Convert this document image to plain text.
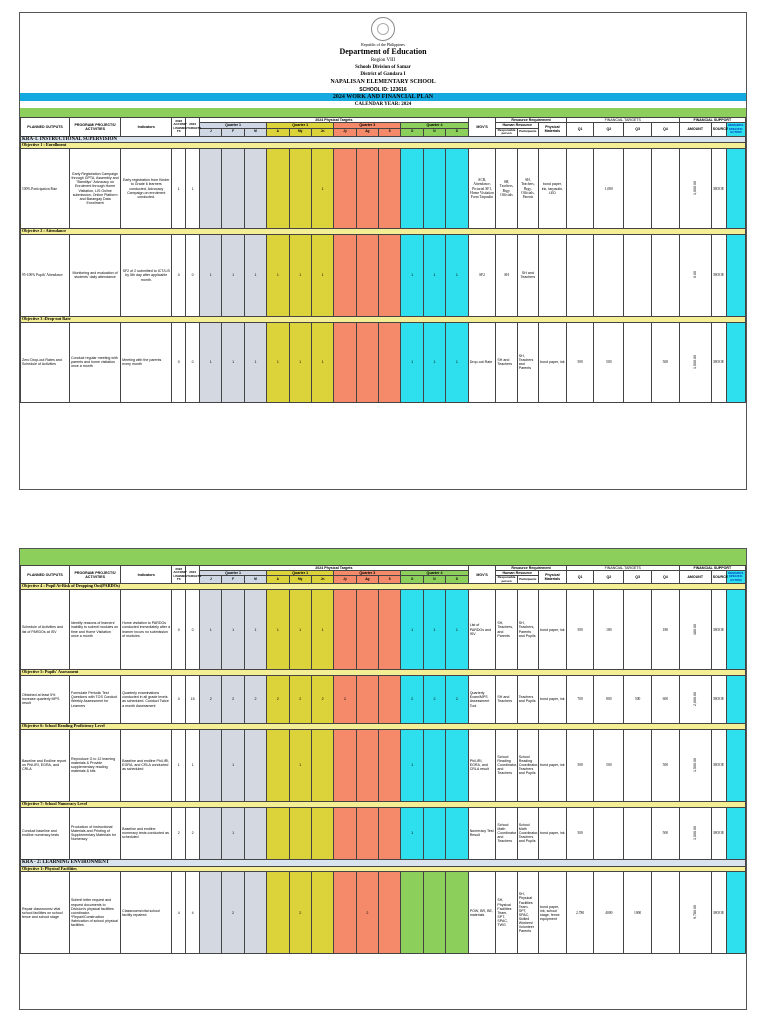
Republic of the Philippines
Department of Education
Region VIII
Schools Division of Samar
District of Gandara I
NAPALISAN ELEMENTARY SCHOOL
SCHOOL ID: 123616
2024 WORK AND FINANCIAL PLAN
CALENDAR YEAR: 2024
PLANNED OUTPUTS	PROGRAM/ PROJECTS/ ACTIVITIES	Indicators	2023 ACCOMP LISHMEN TS	2024 TARGETS	2024 Physical Targets												MOV'S	Resource Requirement			FINANCIAL TARGETS				FINANCIAL SUPPORT		
					Quarter 1			Quarter 1			Quarter 3			Quarter 4				Human Resource		Physical Materials	Q1	Q2	Q3	Q4	AMOUNT	SOURCE	REMARKS SPECIFIC ACTION
					J	F	M	A	My	Jn	Jy	Ag	S	O	N	D		Responsible person	Participants								
KRA-1. INSTRUCTIONAL SUPERVISION																											
Objective 1 : Enrollment																											
100% Participation Rate	Early Registration Campaign through GPTA, Assembly and "Bandilyo" Advocacy on Enrolment through Home Visitation, LIS Online submission, Online Platform and Barangay Data Enrollment	Early registration from Kinder to Grade 6 learners conducted. Advocacy Campaign on enrolment conducted.	1	1						1							ACR, Attendance, Pictorial SF1, Home Visitation Form Tarpaulin	SH, Teachers, Brgy. Officials	SH, Teachers, Brgy. Officials, Parents	bond paper, ink, tarpaulin, LED		1,000			1,000.00	MOOE	
Objective 2 : Attendance																											
95-100% Pupils' Attendance	Monitoring and evaluation of students' daily attendance	SF2 of 2 submitted to ICT/LIS by 5th day after applicable month.	0	0	1	1	1	1	1	1				1	1	1	SF2	SH	SH and Teachers						0.00	MOOE	
Objective 3 :Drop-out Rate																											
Zero Drop-out Rates and Schedule of Activities	Conduct regular meeting with parents and home visitation once a month	Meeting with the parents every month	0	0	1	1	1	1	1	1				1	1	1	Drop-out Rate	SH and Teachers	SH, Teachers and Parents	bond paper, ink	500	500		500	1,500.00	MOOE	
PLANNED OUTPUTS	PROGRAM/ PROJECTS/ ACTIVITIES	Indicators	2023 ACCOMP LISHMEN TS	2024 TARGETS	2024 Physical Targets												MOV'S	Resource Requirement			FINANCIAL TARGETS				FINANCIAL SUPPORT		
					Quarter 1			Quarter 1			Quarter 3			Quarter 4				Human Resource		Physical Materials	Q1	Q2	Q3	Q4	AMOUNT	SOURCE	REMARKS SPECIFIC ACTION
					J	F	M	A	My	Jn	Jy	Ag	S	O	N	D		Responsible person	Participants								
Objective 4 : Pupil At-Risk of Dropping Out(PARDOs)																											
Schedule of Activities and list of PARDOs at ISV	Identify reasons of learners' inability to submit modules on time and Home Visitation once a month	Home visitation to PARDOs conducted immediately after a learner incurs no submission of modules	0	0	1	1	1	1	1	1				1	1	1	List of PARDOs and ISV	SH, Teachers, and Parents	SH, Teachers, Parents and Pupils	bond paper, ink	500	180		180	180.00	MOOE	
Objective 5: Pupils' Assessment																											
Obtained at least 5% increase quarterly MPS result	Formulate Periodic Test Questions with TOS Conduct Weekly Assessment for Learners	Quarterly examinations conducted in all grade levels as scheduled. Conduct Twice a month Assessment	0	15	2	2	2	2	2	2	2			2	2	2	Quarterly Exam/MPS Assessment Tool	SH and Teachers	Teachers and Pupils	bond paper, ink	700	800	500	600	2,600.00	MOOE	
Objective 6: School Reading Proficiency Level																											
Baseline and Endline report on Phil-IRI, EGRA, and CRLA	Reproduce G to 12 learning materials & Provide supplementary reading materials & kits	Baseline and endline Phil-IRI, EGRA, and CRLA conducted as scheduled	1	1		1			1					1			Phil-IRI, EGRA, and CRLA result	School Reading Coordinator, and Teachers	School Reading Coordinator, Teachers and Pupils	bond paper, ink	500	500		500	1,500.00	MOOE	
Objective 7: School Numeracy Level																											
Conduct baseline and endline numeracy tests	Production of instructional Materials and Printing of Supplementary Materials for Numeracy	Baseline and endline numeracy tests conducted as scheduled	2	2		1								1			Numeracy Test Result	School Math Coordinator and Teachers	School Math Coordinator, Teachers and Pupils	bond paper, ink	500			500	1,000.00	MOOE	
KRA - 2: LEARNING ENVIRONMENT																											
Objective 1: Physical Facilities																											
Repair classrooms/ vital school facilities on school fence and school stage	Submit letter request and request documents to Division's physical facilities coordinator. *Repair/Construction /fabrication of school physical facilities	Classrooms/vital school facility repaired.	4	4		2			2			2					POW, BR, BE, materials	SH, Physical Facilities Team, SPT, SPAC, TWG	SH, Physical Facilities Team, SPT, SPAC, Skilled Workers/ Volunteer Parents	bond paper, ink, school stage, fence equipment	2,780	4000	1000		9,780.00	MOOE	
